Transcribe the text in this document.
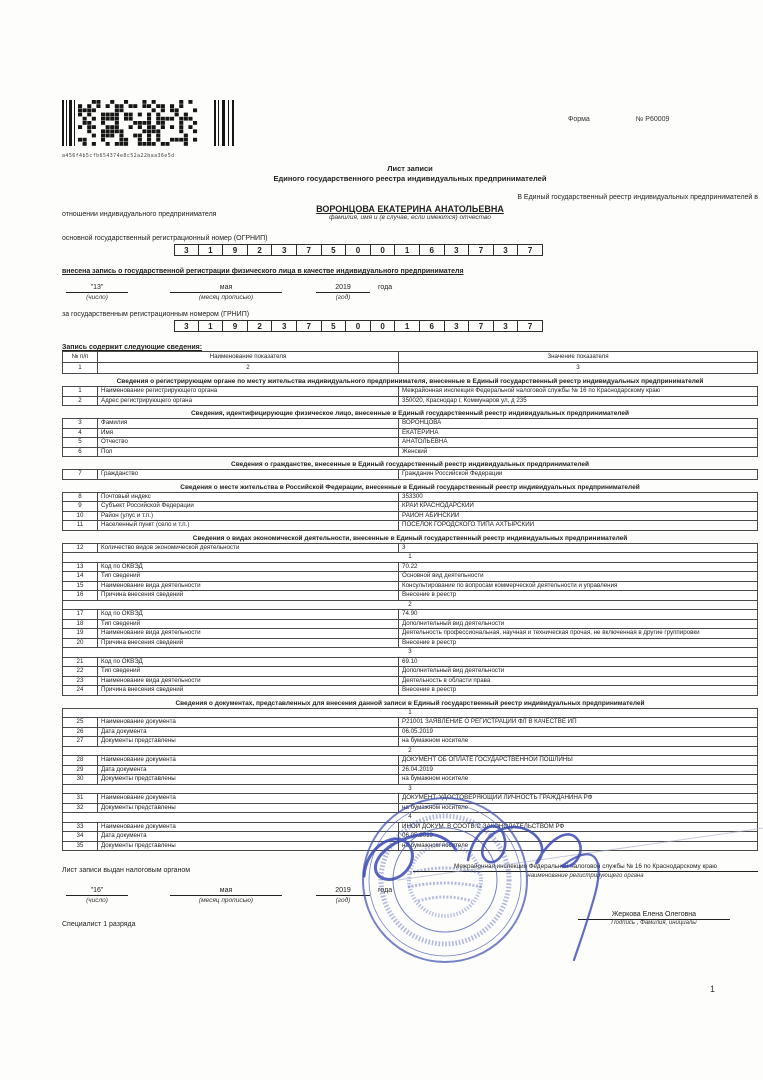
a456f4b5cfb654374e8c52a22baa36e5d
Форма	№ Р60009
Лист записи
Единого государственного реестра индивидуальных предпринимателей
В Единый государственный реестр индивидуальных предпринимателей в
отношении индивидуального предпринимателя
ВОРОНЦОВА ЕКАТЕРИНА АНАТОЛЬЕВНА
фамилия, имя и (в случае, если имеются) отчество
основной государственный регистрационный номер (ОГРНИП)
3	1	9	2	3	7	5	0	0	1	6	3	7	3	7
внесена запись о государственной регистрации физического лица в качестве индивидуального предпринимателя
"13"
(число)
мая
(месяц прописью)
2019
(год)
года
за государственным регистрационным номером (ГРНИП)
3	1	9	2	3	7	5	0	0	1	6	3	7	3	7
Запись содержит следующие сведения:
№ п/п	Наименование показателя	Значение показателя
1	2	3
Сведения о регистрирующем органе по месту жительства индивидуального предпринимателя, внесенные в Единый государственный реестр индивидуальных предпринимателей
1	Наименование регистрирующего органа	Межрайонная инспекция Федеральной налоговой службы № 16 по Краснодарскому краю
2	Адрес регистрирующего органа	350020, Краснодар г, Коммунаров ул, д 235
Сведения, идентифицирующие физическое лицо, внесенные в Единый государственный реестр индивидуальных предпринимателей
3	Фамилия	ВОРОНЦОВА
4	Имя	ЕКАТЕРИНА
5	Отчество	АНАТОЛЬЕВНА
6	Пол	Женский
Сведения о гражданстве, внесенные в Единый государственный реестр индивидуальных предпринимателей
7	Гражданство	Гражданин Российской Федерации
Сведения о месте жительства в Российской Федерации, внесенные в Единый государственный реестр индивидуальных предпринимателей
8	Почтовый индекс	353300
9	Субъект Российской Федерации	КРАЙ КРАСНОДАРСКИЙ
10	Район (улус и т.п.)	РАЙОН АБИНСКИЙ
11	Населенный пункт (село и т.п.)	ПОСЕЛОК ГОРОДСКОГО ТИПА АХТЫРСКИЙ
Сведения о видах экономической деятельности, внесенные в Единый государственный реестр индивидуальных предпринимателей
12	Количество видов экономической деятельности	3
1
13	Код по ОКВЭД	70.22
14	Тип сведений	Основной вид деятельности
15	Наименование вида деятельности	Консультирование по вопросам коммерческой деятельности и управления
16	Причина внесения сведений	Внесение в реестр
2
17	Код по ОКВЭД	74.90
18	Тип сведений	Дополнительный вид деятельности
19	Наименование вида деятельности	Деятельность профессиональная, научная и техническая прочая, не включенная в другие группировки
20	Причина внесения сведений	Внесение в реестр
3
21	Код по ОКВЭД	69.10
22	Тип сведений	Дополнительный вид деятельности
23	Наименование вида деятельности	Деятельность в области права
24	Причина внесения сведений	Внесение в реестр
Сведения о документах, представленных для внесения данной записи в Единый государственный реестр индивидуальных предпринимателей
1
25	Наименование документа	Р21001 ЗАЯВЛЕНИЕ О РЕГИСТРАЦИИ ФЛ В КАЧЕСТВЕ ИП
26	Дата документа	06.05.2019
27	Документы представлены	на бумажном носителе
2
28	Наименование документа	ДОКУМЕНТ ОБ ОПЛАТЕ ГОСУДАРСТВЕННОЙ ПОШЛИНЫ
29	Дата документа	26.04.2019
30	Документы представлены	на бумажном носителе
3
31	Наименование документа	ДОКУМЕНТ, УДОСТОВЕРЯЮЩИЙ ЛИЧНОСТЬ ГРАЖДАНИНА РФ
32	Документы представлены	на бумажном носителе
4
33	Наименование документа	ИНОЙ ДОКУМ. В СООТВ.С ЗАКОНОДАТЕЛЬСТВОМ РФ
34	Дата документа	06.05.2019
35	Документы представлены	на бумажном носителе
Лист записи выдан налоговым органом
Межрайонная инспекция Федеральной налоговой службы № 16 по Краснодарскому краю
наименование регистрирующего органа
"16"
(число)
мая
(месяц прописью)
2019
(год)
года
Специалист 1 разряда
Жеркова Елена Олеговна
Подпись , Фамилия, инициалы
1
